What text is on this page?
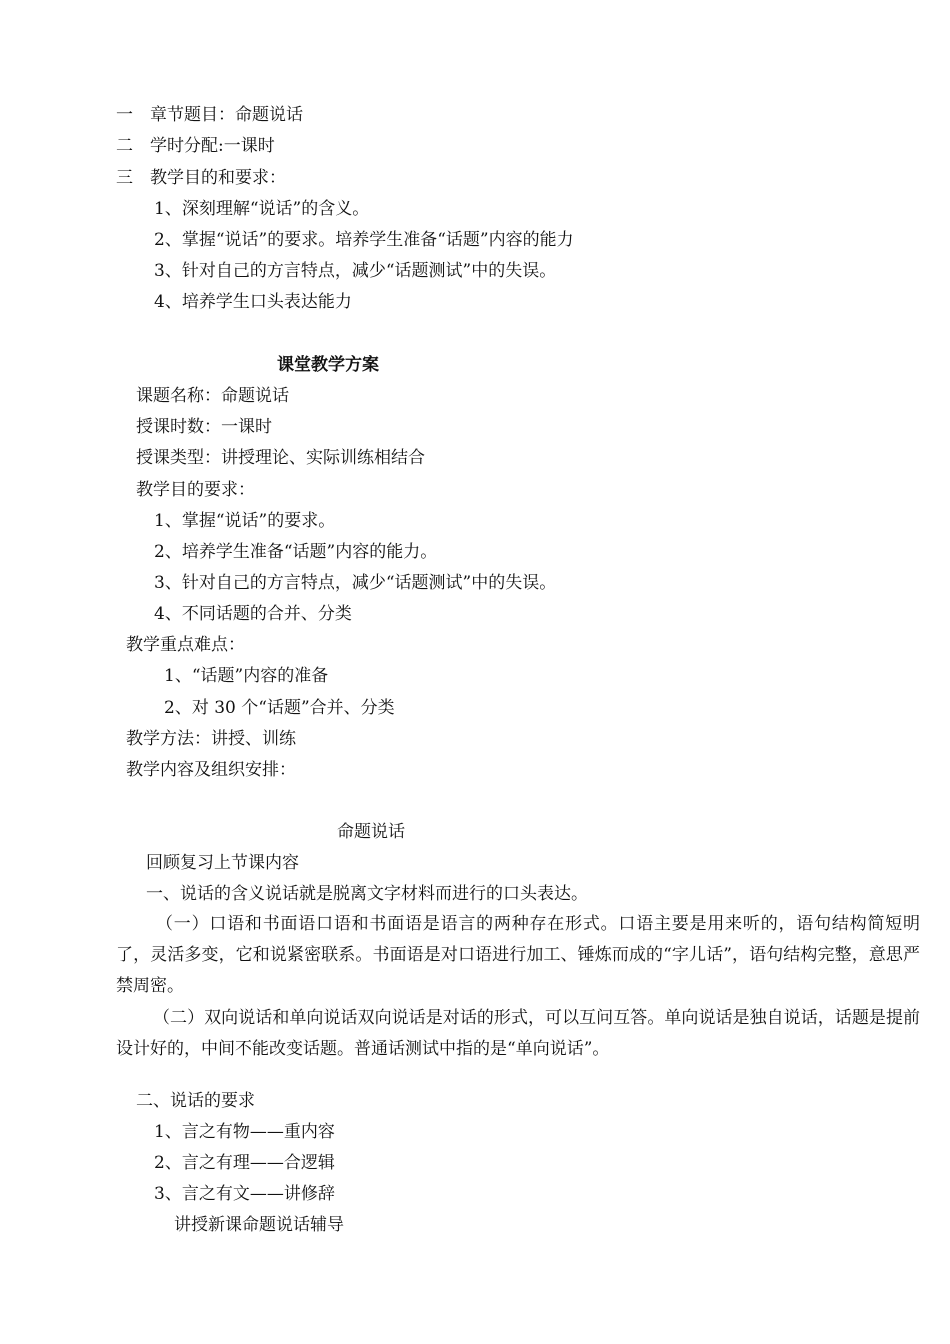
一　章节题目：命题说话

二　学时分配:一课时

三　教学目的和要求：

1、深刻理解“说话”的含义。

2、掌握“说话”的要求。培养学生准备“话题”内容的能力

3、针对自己的方言特点，减少“话题测试”中的失误。

4、培养学生口头表达能力

课堂教学方案

课题名称：命题说话

授课时数：一课时

授课类型：讲授理论、实际训练相结合

教学目的要求：

1、掌握“说话”的要求。

2、培养学生准备“话题”内容的能力。

3、针对自己的方言特点，减少“话题测试”中的失误。

4、不同话题的合并、分类

教学重点难点：

1、“话题”内容的准备

2、对 30 个“话题”合并、分类

教学方法：讲授、训练

教学内容及组织安排：

命题说话

回顾复习上节课内容

一、说话的含义说话就是脱离文字材料而进行的口头表达。

（一）口语和书面语口语和书面语是语言的两种存在形式。口语主要是用来听的，语句结构简短明了，灵活多变，它和说紧密联系。书面语是对口语进行加工、锤炼而成的“字儿话”，语句结构完整，意思严禁周密。

（二）双向说话和单向说话双向说话是对话的形式，可以互问互答。单向说话是独自说话，话题是提前设计好的，中间不能改变话题。普通话测试中指的是“单向说话”。

二、说话的要求

1、言之有物——重内容

2、言之有理——合逻辑

3、言之有文——讲修辞

讲授新课命题说话辅导
